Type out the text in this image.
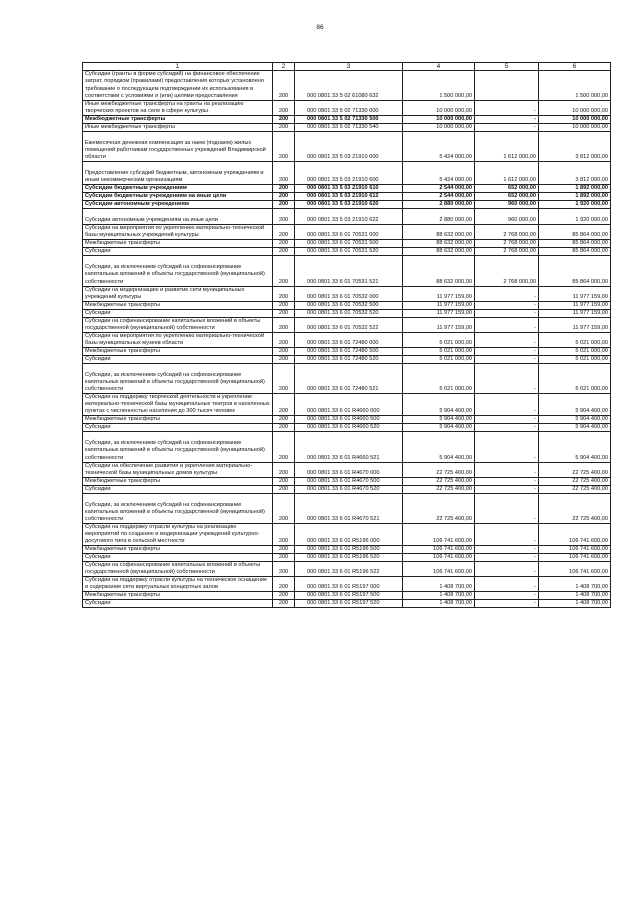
86
1	2	3	4	5	6
Субсидии (гранты в форме субсидий) на финансовое обеспечение затрат, порядком (правилами) предоставления которых установлено требование о последующем подтверждении их использования в соответствии с условиями и (или) целями предоставления	200	000 0801 33 5 02 61080 632	1 500 000,00		1 500 000,00
Иные межбюджетные трансферты на гранты на реализацию творческих проектов на селе в сфере культуры	200	000 0801 33 5 02 71330 000	10 000 000,00	-	10 000 000,00
Межбюджетные трансферты	200	000 0801 33 5 02 71330 500	10 000 000,00	-	10 000 000,00
Иные межбюджетные трансферты	200	000 0801 33 5 02 71330 540	10 000 000,00	-	10 000 000,00
Ежемесячная денежная компенсация за наем (поднаем) жилых помещений работникам государственных учреждений Владимирской области	200	000 0801 33 5 03 21910 000	5 424 000,00	1 612 000,00	3 812 000,00
Предоставление субсидий бюджетным, автономным учреждениям и иным некоммерческим организациям	200	000 0801 33 5 03 21910 600	5 424 000,00	1 612 000,00	3 812 000,00
Субсидии бюджетным учреждениям	200	000 0801 33 5 03 21910 610	2 544 000,00	652 000,00	1 892 000,00
Субсидии бюджетным учреждениям на иные цели	200	000 0801 33 5 03 21910 612	2 544 000,00	652 000,00	1 892 000,00
Субсидии автономным учреждениям	200	000 0801 33 5 03 21910 620	2 880 000,00	960 000,00	1 920 000,00
Субсидии автономным учреждениям на иные цели	200	000 0801 33 5 03 21910 622	2 880 000,00	960 000,00	1 920 000,00
Субсидии на мероприятия по укреплению материально-технической базы муниципальных учреждений культуры	200	000 0801 33 6 01 70531 000	88 632 000,00	2 768 000,00	85 864 000,00
Межбюджетные трансферты	200	000 0801 33 6 01 70531 500	88 632 000,00	2 768 000,00	85 864 000,00
Субсидии	200	000 0801 33 6 01 70531 520	88 632 000,00	2 768 000,00	85 864 000,00
Субсидии, за исключением субсидий на софинансирование капитальных вложений в объекты государственной (муниципальной) собственности	200	000 0801 33 6 01 70531 521	88 632 000,00	2 768 000,00	85 864 000,00
Субсидии на модернизацию и развитие сети муниципальных учреждений культуры	200	000 0801 33 6 01 70532 000	11 977 159,00	-	11 977 159,00
Межбюджетные трансферты	200	000 0801 33 6 01 70532 500	11 977 159,00	-	11 977 159,00
Субсидии	200	000 0801 33 6 01 70532 520	11 977 159,00	-	11 977 159,00
Субсидии на софинансирование капитальных вложений в объекты государственной (муниципальной) собственности	200	000 0801 33 6 01 70532 522	11 977 159,00	-	11 977 159,00
Субсидии на мероприятия по укреплению материально-технической базы муниципальных музеев области	200	000 0801 33 6 01 72480 000	5 021 000,00	-	5 021 000,00
Межбюджетные трансферты	200	000 0801 33 6 01 72480 500	5 021 000,00	-	5 021 000,00
Субсидии	200	000 0801 33 6 01 72480 520	5 021 000,00	-	5 021 000,00
Субсидии, за исключением субсидий на софинансирование капитальных вложений в объекты государственной (муниципальной) собственности	200	000 0801 33 6 01 72480 521	5 021 000,00	-	5 021 000,00
Субсидии на поддержку творческой деятельности и укрепление материально-технической базы муниципальных театров в населенных пунктах с численностью населения до 300 тысяч человек	200	000 0801 33 6 01 R4660 000	5 904 400,00	-	5 904 400,00
Межбюджетные трансферты	200	000 0801 33 6 01 R4660 500	5 904 400,00	-	5 904 400,00
Субсидии	200	000 0801 33 6 01 R4660 520	5 904 400,00	-	5 904 400,00
Субсидии, за исключением субсидий на софинансирование капитальных вложений в объекты государственной (муниципальной) собственности	200	000 0801 33 6 01 R4660 521	5 904 400,00	-	5 904 400,00
Субсидии на обеспечение развития и укрепления материально-технической базы муниципальных домов культуры	200	000 0801 33 6 01 R4670 000	22 725 400,00	-	22 725 400,00
Межбюджетные трансферты	200	000 0801 33 6 01 R4670 500	22 725 400,00	-	22 725 400,00
Субсидии	200	000 0801 33 6 01 R4670 520	22 725 400,00	-	22 725 400,00
Субсидии, за исключением субсидий на софинансирование капитальных вложений в объекты государственной (муниципальной) собственности	200	000 0801 33 6 01 R4670 521	22 725 400,00	-	22 725 400,00
Субсидии на поддержку отрасли культуры на реализацию мероприятий по созданию и модернизации учреждений культурно-досугового типа в сельской местности	200	000 0801 33 6 01 R5196 000	106 741 600,00	-	106 741 600,00
Межбюджетные трансферты	200	000 0801 33 6 01 R5196 500	106 741 600,00	-	106 741 600,00
Субсидии	200	000 0801 33 6 01 R5196 520	106 741 600,00	-	106 741 600,00
Субсидии на софинансирование капитальных вложений в объекты государственной (муниципальной) собственности	200	000 0801 33 6 01 R5196 522	106 741 600,00	-	106 741 600,00
Субсидии на поддержку отрасли культуры на техническое оснащение и содержание сети виртуальных концертных залов	200	000 0801 33 6 01 R5197 000	1 408 700,00	-	1 408 700,00
Межбюджетные трансферты	200	000 0801 33 6 01 R5197 500	1 408 700,00	-	1 408 700,00
Субсидии	200	000 0801 33 6 01 R5197 520	1 408 700,00	-	1 408 700,00
